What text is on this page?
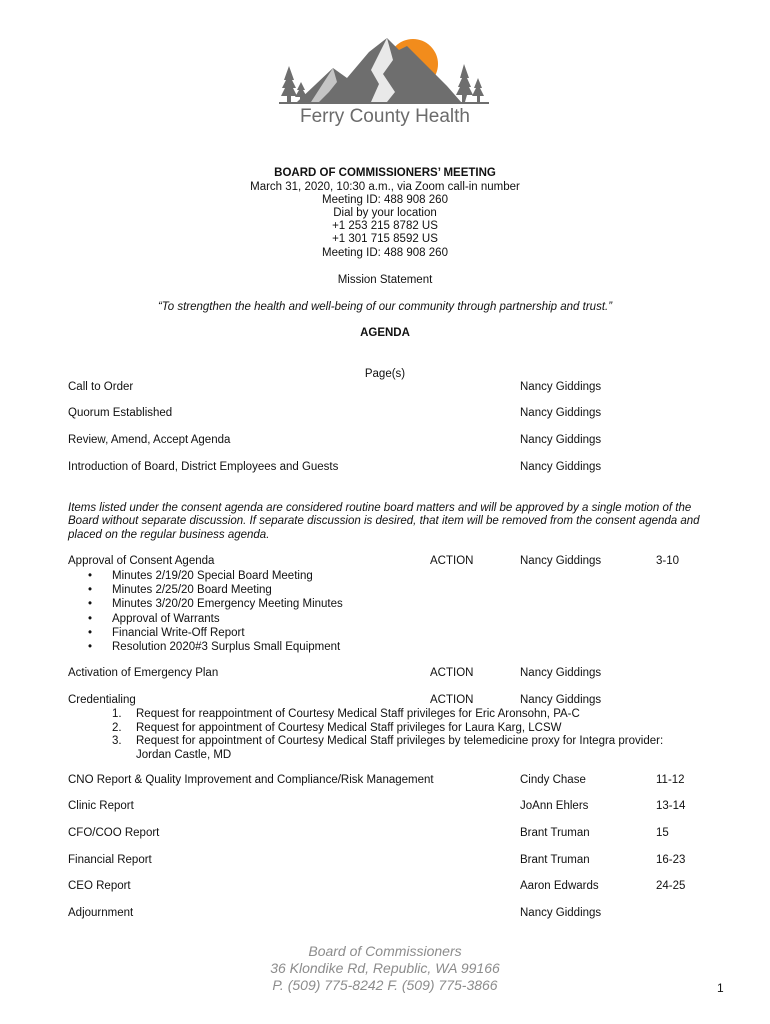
Ferry County Health
BOARD OF COMMISSIONERS’ MEETING
March 31, 2020, 10:30 a.m., via Zoom call-in number
Meeting ID: 488 908 260
Dial by your location
+1 253 215 8782 US
+1 301 715 8592 US
Meeting ID: 488 908 260
Mission Statement
“To strengthen the health and well-being of our community through partnership and trust.”
AGENDA
Page(s)
Call to Order	Nancy Giddings
Quorum Established	Nancy Giddings
Review, Amend, Accept Agenda	Nancy Giddings
Introduction of Board, District Employees and Guests	Nancy Giddings
Items listed under the consent agenda are considered routine board matters and will be approved by a single motion of the Board without separate discussion. If separate discussion is desired, that item will be removed from the consent agenda and placed on the regular business agenda.
Approval of Consent Agenda	ACTION	Nancy Giddings	3-10
• Minutes 2/19/20 Special Board Meeting
• Minutes 2/25/20 Board Meeting
• Minutes 3/20/20 Emergency Meeting Minutes
• Approval of Warrants
• Financial Write-Off Report
• Resolution 2020#3 Surplus Small Equipment
Activation of Emergency Plan	ACTION	Nancy Giddings
Credentialing	ACTION	Nancy Giddings
1.	Request for reappointment of Courtesy Medical Staff privileges for Eric Aronsohn, PA-C
2.	Request for appointment of Courtesy Medical Staff privileges for Laura Karg, LCSW
3.	Request for appointment of Courtesy Medical Staff privileges by telemedicine proxy for Integra provider: Jordan Castle, MD
CNO Report & Quality Improvement and Compliance/Risk Management	Cindy Chase	11-12
Clinic Report	JoAnn Ehlers	13-14
CFO/COO Report	Brant Truman	15
Financial Report	Brant Truman	16-23
CEO Report	Aaron Edwards	24-25
Adjournment	Nancy Giddings
Board of Commissioners
36 Klondike Rd, Republic, WA 99166
P. (509) 775-8242 F. (509) 775-3866	1
